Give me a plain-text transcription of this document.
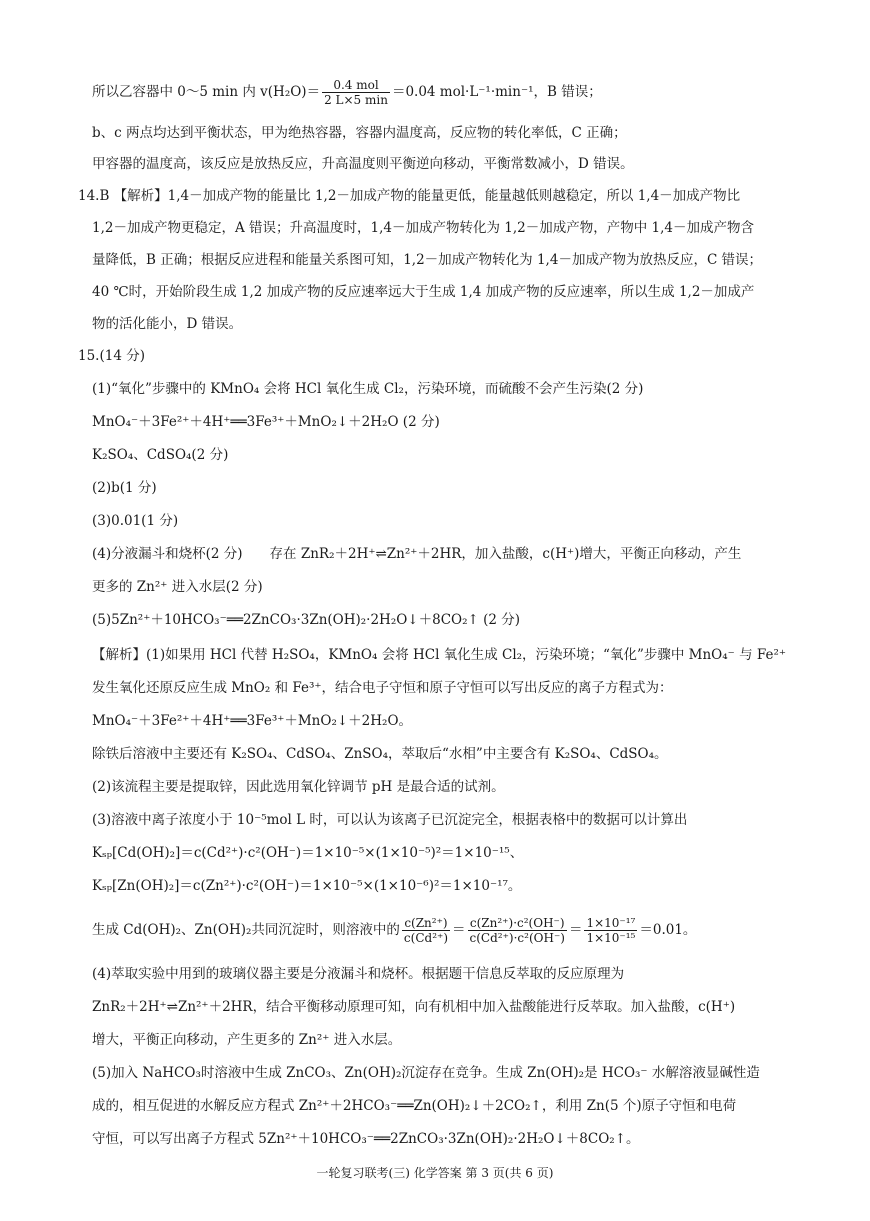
所以乙容器中 0～5 min 内 $v(H_2O)= \frac{\text{0.4 mol}}{2 L\times 5 \min} =0.04$ mol·L⁻¹·min⁻¹，B 错误；
b、c 两点均达到平衡状态，甲为绝热容器，容器内温度高，反应物的转化率低，C 正确；
甲容器的温度高，该反应是放热反应，升高温度则平衡逆向移动，平衡常数减小，D 错误。
14.B 【解析】1,4－加成产物的能量比 1,2－加成产物的能量更低，能量越低则越稳定，所以 1,4－加成产物比
1,2－加成产物更稳定，A 错误；升高温度时，1,4－加成产物转化为 1,2－加成产物，产物中 1,4－加成产物含
量降低，B 正确；根据反应进程和能量关系图可知，1,2－加成产物转化为 1,4－加成产物为放热反应，C 错误；
40 ℃时，开始阶段生成 1,2 加成产物的反应速率远大于生成 1,4 加成产物的反应速率，所以生成 1,2－加成产
物的活化能小，D 错误。
15.(14 分)
(1)“氧化”步骤中的 KMnO₄ 会将 HCl 氧化生成 Cl₂，污染环境，而硫酸不会产生污染(2 分)
MnO₄⁻＋3Fe²⁺＋4H⁺══3Fe³⁺＋MnO₂↓＋2H₂O (2 分)
K₂SO₄、CdSO₄(2 分)
(2)b(1 分)
(3)0.01(1 分)
(4)分液漏斗和烧杯(2 分)　　存在 ZnR₂＋2H⁺⇌Zn²⁺＋2HR，加入盐酸，c(H⁺)增大，平衡正向移动，产生
更多的 Zn²⁺ 进入水层(2 分)
(5)5Zn²⁺＋10HCO₃⁻══2ZnCO₃·3Zn(OH)₂·2H₂O↓＋8CO₂↑ (2 分)
【解析】(1)如果用 HCl 代替 H₂SO₄，KMnO₄ 会将 HCl 氧化生成 Cl₂，污染环境；“氧化”步骤中 MnO₄⁻ 与 Fe²⁺
发生氧化还原反应生成 MnO₂ 和 Fe³⁺，结合电子守恒和原子守恒可以写出反应的离子方程式为：
MnO₄⁻＋3Fe²⁺＋4H⁺══3Fe³⁺＋MnO₂↓＋2H₂O。
除铁后溶液中主要还有 K₂SO₄、CdSO₄、ZnSO₄，萃取后“水相”中主要含有 K₂SO₄、CdSO₄。
(2)该流程主要是提取锌，因此选用氧化锌调节 pH 是最合适的试剂。
(3)溶液中离子浓度小于 10⁻⁵mol L 时，可以认为该离子已沉淀完全，根据表格中的数据可以计算出
Kₛₚ[Cd(OH)₂]＝c(Cd²⁺)·c²(OH⁻)＝1×10⁻⁵×(1×10⁻⁵)²＝1×10⁻¹⁵、
Kₛₚ[Zn(OH)₂]＝c(Zn²⁺)·c²(OH⁻)＝1×10⁻⁵×(1×10⁻⁶)²＝1×10⁻¹⁷。
生成 Cd(OH)₂、Zn(OH)₂共同沉淀时，则溶液中的 $\frac{\text{c(Zn²⁺)}}{\text{c(Cd²⁺)}} = \frac{\text{c(Zn²⁺)·c²(OH⁻)}}{\text{c(Cd²⁺)·c²(OH⁻)}} = \frac{\text{1×10⁻¹⁷}}{\text{1×10⁻¹⁵}} =0.01$。
(4)萃取实验中用到的玻璃仪器主要是分液漏斗和烧杯。根据题干信息反萃取的反应原理为
ZnR₂＋2H⁺⇌Zn²⁺＋2HR，结合平衡移动原理可知，向有机相中加入盐酸能进行反萃取。加入盐酸，c(H⁺)
增大，平衡正向移动，产生更多的 Zn²⁺ 进入水层。
(5)加入 NaHCO₃时溶液中生成 ZnCO₃、Zn(OH)₂沉淀存在竞争。生成 Zn(OH)₂是 HCO₃⁻ 水解溶液显碱性造
成的，相互促进的水解反应方程式 Zn²⁺＋2HCO₃⁻══Zn(OH)₂↓＋2CO₂↑，利用 Zn(5 个)原子守恒和电荷
守恒，可以写出离子方程式 5Zn²⁺＋10HCO₃⁻══2ZnCO₃·3Zn(OH)₂·2H₂O↓＋8CO₂↑。
一轮复习联考(三) 化学答案 第 3 页(共 6 页)
